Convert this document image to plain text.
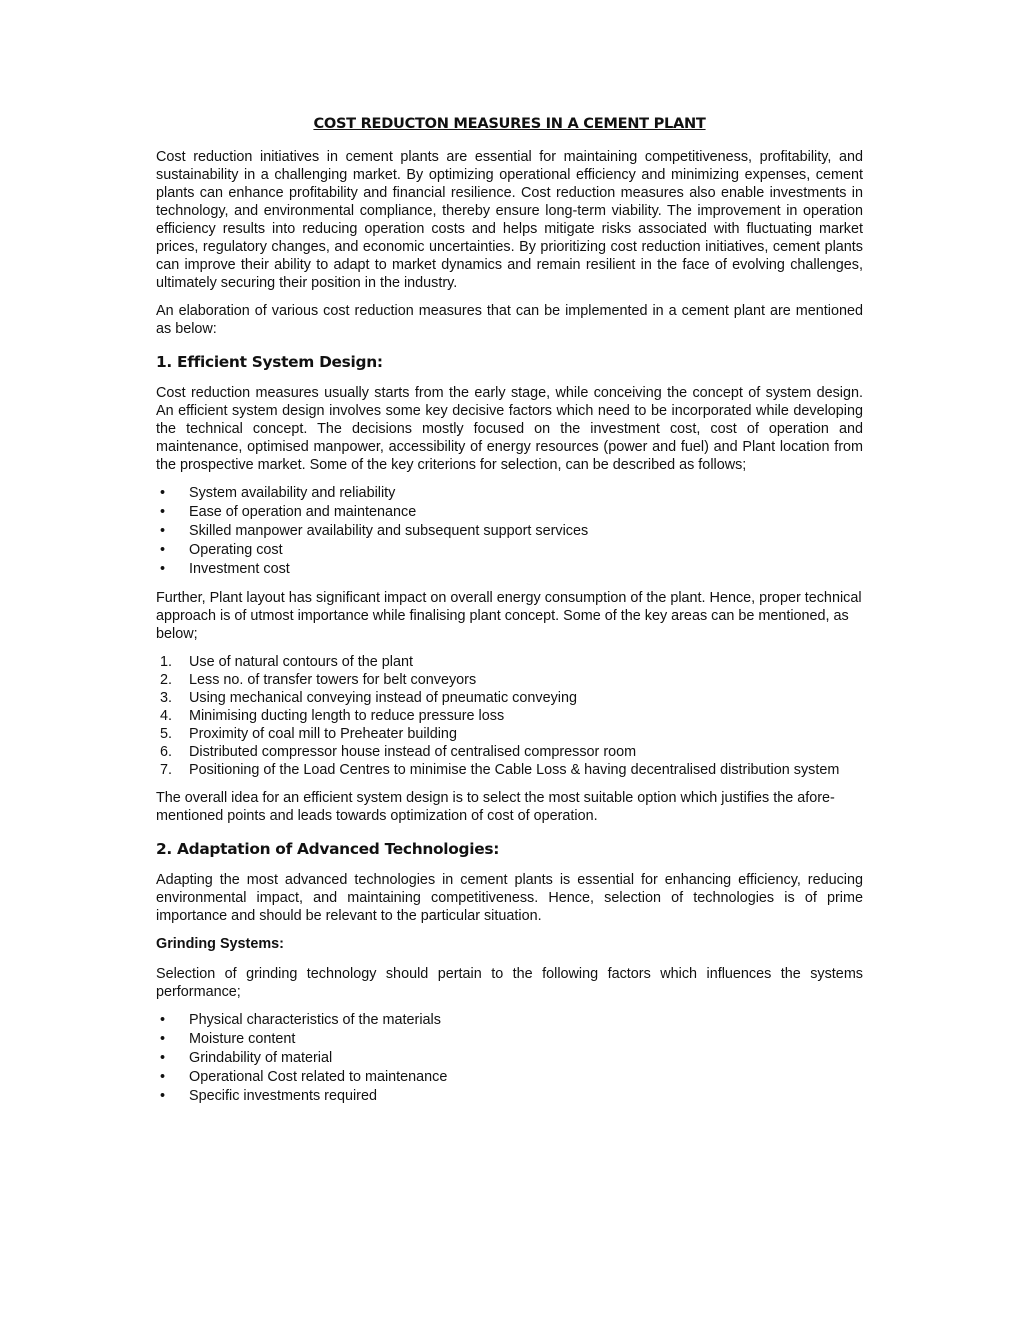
COST REDUCTON MEASURES IN A CEMENT PLANT

Cost reduction initiatives in cement plants are essential for maintaining competitiveness, profitability, and sustainability in a challenging market. By optimizing operational efficiency and minimizing expenses, cement plants can enhance profitability and financial resilience. Cost reduction measures also enable investments in technology, and environmental compliance, thereby ensure long-term viability. The improvement in operation efficiency results into reducing operation costs and helps mitigate risks associated with fluctuating market prices, regulatory changes, and economic uncertainties. By prioritizing cost reduction initiatives, cement plants can improve their ability to adapt to market dynamics and remain resilient in the face of evolving challenges, ultimately securing their position in the industry.

An elaboration of various cost reduction measures that can be implemented in a cement plant are mentioned as below:

1. Efficient System Design:

Cost reduction measures usually starts from the early stage, while conceiving the concept of system design. An efficient system design involves some key decisive factors which need to be incorporated while developing the technical concept. The decisions mostly focused on the investment cost, cost of operation and maintenance, optimised manpower, accessibility of energy resources (power and fuel) and Plant location from the prospective market. Some of the key criterions for selection, can be described as follows;

• System availability and reliability
• Ease of operation and maintenance
• Skilled manpower availability and subsequent support services
• Operating cost
• Investment cost

Further, Plant layout has significant impact on overall energy consumption of the plant. Hence, proper technical approach is of utmost importance while finalising plant concept. Some of the key areas can be mentioned, as below;

1. Use of natural contours of the plant
2. Less no. of transfer towers for belt conveyors
3. Using mechanical conveying instead of pneumatic conveying
4. Minimising ducting length to reduce pressure loss
5. Proximity of coal mill to Preheater building
6. Distributed compressor house instead of centralised compressor room
7. Positioning of the Load Centres to minimise the Cable Loss & having decentralised distribution system

The overall idea for an efficient system design is to select the most suitable option which justifies the afore-mentioned points and leads towards optimization of cost of operation.

2. Adaptation of Advanced Technologies:

Adapting the most advanced technologies in cement plants is essential for enhancing efficiency, reducing environmental impact, and maintaining competitiveness. Hence, selection of technologies is of prime importance and should be relevant to the particular situation.

Grinding Systems:

Selection of grinding technology should pertain to the following factors which influences the systems performance;

• Physical characteristics of the materials
• Moisture content
• Grindability of material
• Operational Cost related to maintenance
• Specific investments required
